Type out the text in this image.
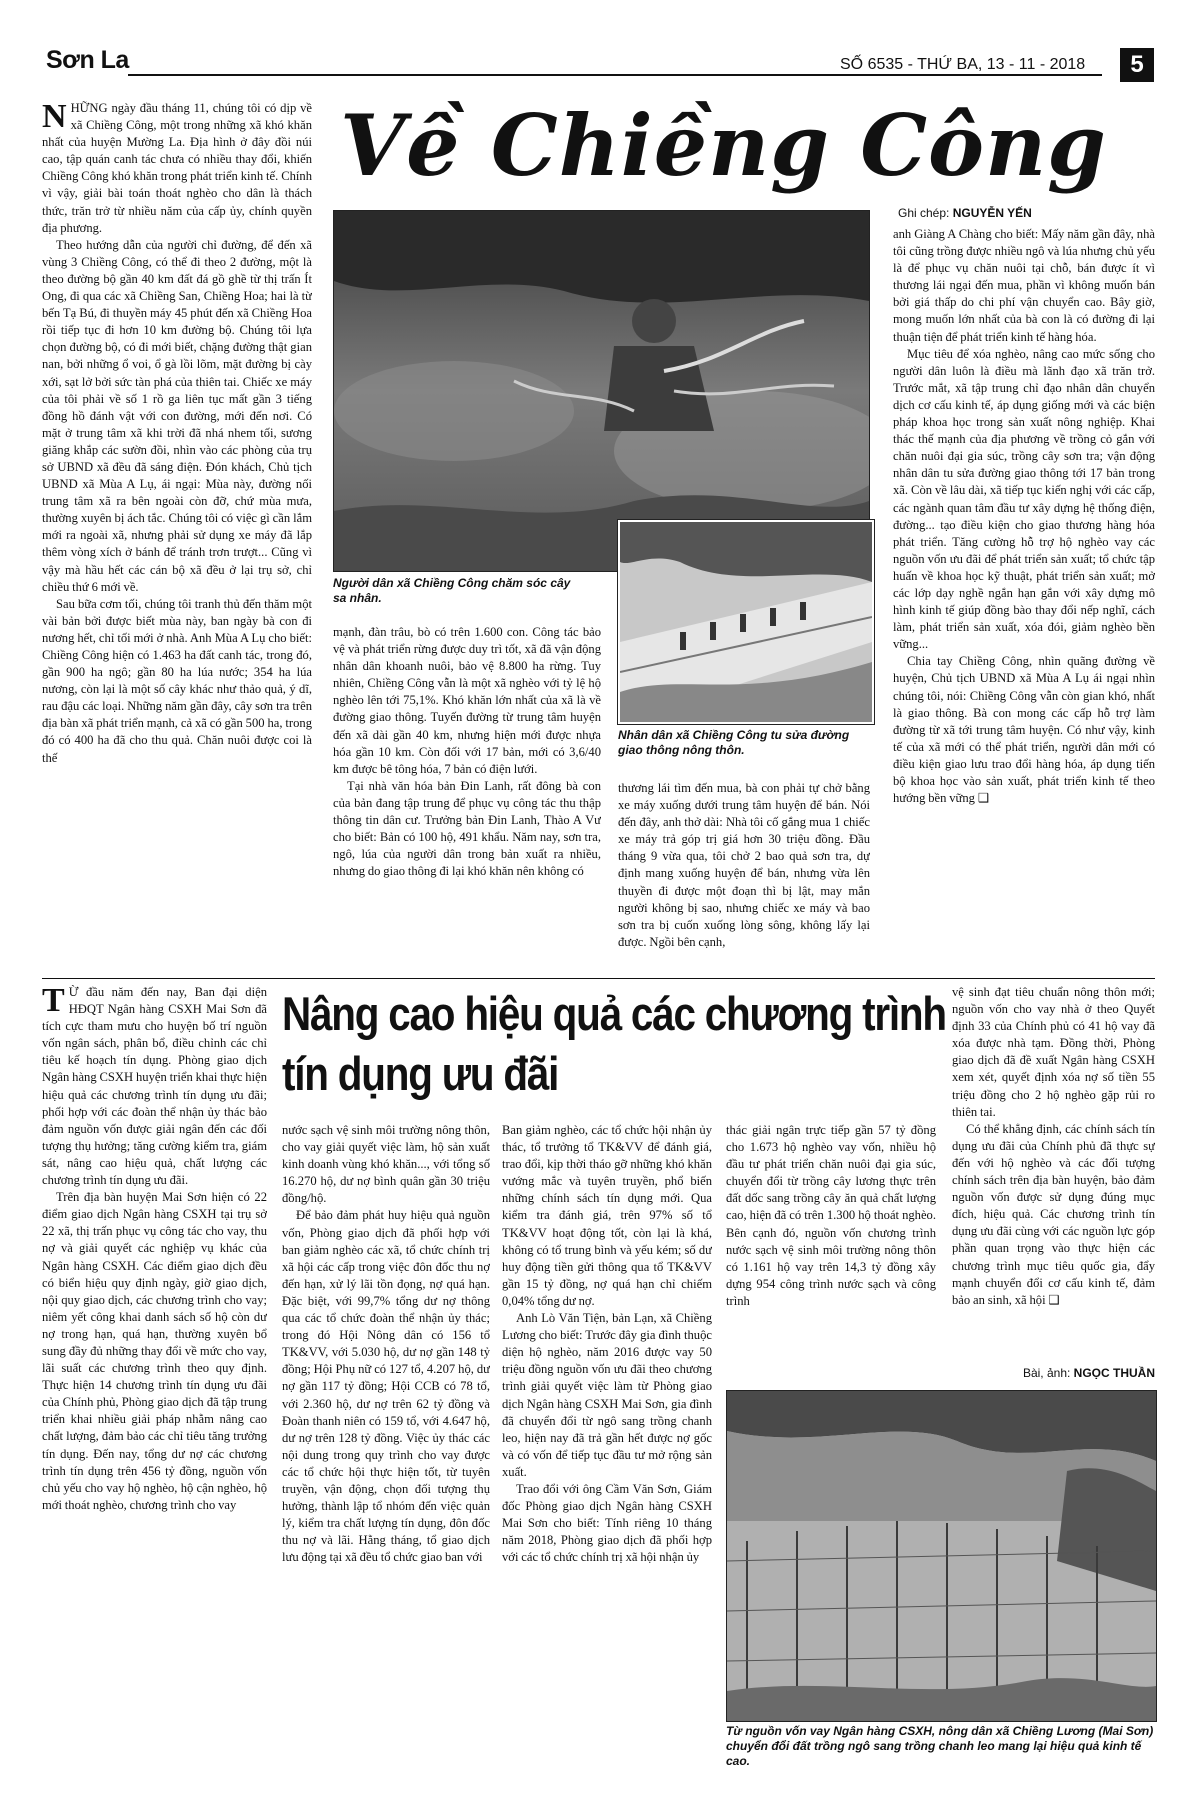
Sơn La	SỐ 6535 - THỨ BA, 13 - 11 - 2018	5
Về Chiềng Công
Ghi chép: NGUYỄN YẾN

NHỮNG ngày đầu tháng 11, chúng tôi có dịp về xã Chiềng Công, một trong những xã khó khăn nhất của huyện Mường La. Địa hình ở đây đồi núi cao, tập quán canh tác chưa có nhiều thay đổi, khiến Chiềng Công khó khăn trong phát triển kinh tế. Chính vì vậy, giải bài toán thoát nghèo cho dân là thách thức, trăn trở từ nhiều năm của cấp ủy, chính quyền địa phương.

Theo hướng dẫn của người chỉ đường, để đến xã vùng 3 Chiềng Công, có thể đi theo 2 đường, một là theo đường bộ gần 40 km đất đá gồ ghề từ thị trấn Ít Ong, đi qua các xã Chiềng San, Chiềng Hoa; hai là từ bến Tạ Bú, đi thuyền máy 45 phút đến xã Chiềng Hoa rồi tiếp tục đi hơn 10 km đường bộ. Chúng tôi lựa chọn đường bộ, có đi mới biết, chặng đường thật gian nan, bởi những ổ voi, ổ gà lồi lõm, mặt đường bị cày xới, sạt lở bởi sức tàn phá của thiên tai. Chiếc xe máy của tôi phải về số 1 rồ ga liên tục mất gần 3 tiếng đồng hồ đánh vật với con đường, mới đến nơi. Có mặt ở trung tâm xã khi trời đã nhá nhem tối, sương giăng khắp các sườn đồi, nhìn vào các phòng của trụ sở UBND xã đều đã sáng điện. Đón khách, Chủ tịch UBND xã Mùa A Lụ, ái ngại: Mùa này, đường nối trung tâm xã ra bên ngoài còn đỡ, chứ mùa mưa, thường xuyên bị ách tắc. Chúng tôi có việc gì cần lắm mới ra ngoài xã, nhưng phải sử dụng xe máy đã lắp thêm vòng xích ở bánh để tránh trơn trượt... Cũng vì vậy mà hầu hết các cán bộ xã đều ở lại trụ sở, chỉ chiều thứ 6 mới về.

Sau bữa cơm tối, chúng tôi tranh thủ đến thăm một vài bản bởi được biết mùa này, ban ngày bà con đi nương hết, chỉ tối mới ở nhà. Anh Mùa A Lụ cho biết: Chiềng Công hiện có 1.463 ha đất canh tác, trong đó, gần 900 ha ngô; gần 80 ha lúa nước; 354 ha lúa nương, còn lại là một số cây khác như thảo quả, ý dĩ, rau đậu các loại. Những năm gần đây, cây sơn tra trên địa bàn xã phát triển mạnh, cả xã có gần 500 ha, trong đó có 400 ha đã cho thu quả. Chăn nuôi được coi là thế

Người dân xã Chiềng Công chăm sóc cây sa nhân.
Nhân dân xã Chiềng Công tu sửa đường giao thông nông thôn.

mạnh, đàn trâu, bò có trên 1.600 con. Công tác bảo vệ và phát triển rừng được duy trì tốt, xã đã vận động nhân dân khoanh nuôi, bảo vệ 8.800 ha rừng. Tuy nhiên, Chiềng Công vẫn là một xã nghèo với tỷ lệ hộ nghèo lên tới 75,1%. Khó khăn lớn nhất của xã là về đường giao thông. Tuyến đường từ trung tâm huyện đến xã dài gần 40 km, nhưng hiện mới được nhựa hóa gần 10 km. Còn đối với 17 bản, mới có 3,6/40 km được bê tông hóa, 7 bản có điện lưới.

Tại nhà văn hóa bản Đin Lanh, rất đông bà con của bản đang tập trung để phục vụ công tác thu thập thông tin dân cư. Trưởng bản Đin Lanh, Thào A Vư cho biết: Bản có 100 hộ, 491 khẩu. Năm nay, sơn tra, ngô, lúa của người dân trong bản xuất ra nhiều, nhưng do giao thông đi lại khó khăn nên không có

thương lái tìm đến mua, bà con phải tự chở bằng xe máy xuống dưới trung tâm huyện để bán. Nói đến đây, anh thở dài: Nhà tôi cố gắng mua 1 chiếc xe máy trả góp trị giá hơn 30 triệu đồng. Đầu tháng 9 vừa qua, tôi chở 2 bao quả sơn tra, dự định mang xuống huyện để bán, nhưng vừa lên thuyền đi được một đoạn thì bị lật, may mắn người không bị sao, nhưng chiếc xe máy và bao sơn tra bị cuốn xuống lòng sông, không lấy lại được. Ngồi bên cạnh,

anh Giàng A Chàng cho biết: Mấy năm gần đây, nhà tôi cũng trồng được nhiều ngô và lúa nhưng chủ yếu là để phục vụ chăn nuôi tại chỗ, bán được ít vì thương lái ngại đến mua, phần vì không muốn bán bởi giá thấp do chi phí vận chuyển cao. Bây giờ, mong muốn lớn nhất của bà con là có đường đi lại thuận tiện để phát triển kinh tế hàng hóa.

Mục tiêu để xóa nghèo, nâng cao mức sống cho người dân luôn là điều mà lãnh đạo xã trăn trở. Trước mắt, xã tập trung chỉ đạo nhân dân chuyển dịch cơ cấu kinh tế, áp dụng giống mới và các biện pháp khoa học trong sản xuất nông nghiệp. Khai thác thế mạnh của địa phương về trồng cỏ gắn với chăn nuôi đại gia súc, trồng cây sơn tra; vận động nhân dân tu sửa đường giao thông tới 17 bản trong xã. Còn về lâu dài, xã tiếp tục kiến nghị với các cấp, các ngành quan tâm đầu tư xây dựng hệ thống điện, đường... tạo điều kiện cho giao thương hàng hóa phát triển. Tăng cường hỗ trợ hộ nghèo vay các nguồn vốn ưu đãi để phát triển sản xuất; tổ chức tập huấn về khoa học kỹ thuật, phát triển sản xuất; mở các lớp dạy nghề ngắn hạn gắn với xây dựng mô hình kinh tế giúp đồng bào thay đổi nếp nghĩ, cách làm, phát triển sản xuất, xóa đói, giảm nghèo bền vững...

Chia tay Chiềng Công, nhìn quãng đường về huyện, Chủ tịch UBND xã Mùa A Lụ ái ngại nhìn chúng tôi, nói: Chiềng Công vẫn còn gian khó, nhất là giao thông. Bà con mong các cấp hỗ trợ làm đường từ xã tới trung tâm huyện. Có như vậy, kinh tế của xã mới có thể phát triển, người dân mới có điều kiện giao lưu trao đổi hàng hóa, áp dụng tiến bộ khoa học vào sản xuất, phát triển kinh tế theo hướng bền vững ❑

Nâng cao hiệu quả các chương trình
tín dụng ưu đãi

T Ừ đầu năm đến nay, Ban đại diện HĐQT Ngân hàng CSXH Mai Sơn đã tích cực tham mưu cho huyện bố trí nguồn vốn ngân sách, phân bổ, điều chỉnh các chỉ tiêu kế hoạch tín dụng. Phòng giao dịch Ngân hàng CSXH huyện triển khai thực hiện hiệu quả các chương trình tín dụng ưu đãi; phối hợp với các đoàn thể nhận ủy thác bảo đảm nguồn vốn được giải ngân đến các đối tượng thụ hưởng; tăng cường kiểm tra, giám sát, nâng cao hiệu quả, chất lượng các chương trình tín dụng ưu đãi.

Trên địa bàn huyện Mai Sơn hiện có 22 điểm giao dịch Ngân hàng CSXH tại trụ sở 22 xã, thị trấn phục vụ công tác cho vay, thu nợ và giải quyết các nghiệp vụ khác của Ngân hàng CSXH. Các điểm giao dịch đều có biển hiệu quy định ngày, giờ giao dịch, nội quy giao dịch, các chương trình cho vay; niêm yết công khai danh sách số hộ còn dư nợ trong hạn, quá hạn, thường xuyên bổ sung đầy đủ những thay đổi về mức cho vay, lãi suất các chương trình theo quy định. Thực hiện 14 chương trình tín dụng ưu đãi của Chính phủ, Phòng giao dịch đã tập trung triển khai nhiều giải pháp nhằm nâng cao chất lượng, đảm bảo các chỉ tiêu tăng trưởng tín dụng. Đến nay, tổng dư nợ các chương trình tín dụng trên 456 tỷ đồng, nguồn vốn chủ yếu cho vay hộ nghèo, hộ cận nghèo, hộ mới thoát nghèo, chương trình cho vay

nước sạch vệ sinh môi trường nông thôn, cho vay giải quyết việc làm, hộ sản xuất kinh doanh vùng khó khăn..., với tổng số 16.270 hộ, dư nợ bình quân gần 30 triệu đồng/hộ.

Để bảo đảm phát huy hiệu quả nguồn vốn, Phòng giao dịch đã phối hợp với ban giảm nghèo các xã, tổ chức chính trị xã hội các cấp trong việc đôn đốc thu nợ đến hạn, xử lý lãi tồn đọng, nợ quá hạn. Đặc biệt, với 99,7% tổng dư nợ thông qua các tổ chức đoàn thể nhận ủy thác; trong đó Hội Nông dân có 156 tổ TK&VV, với 5.030 hộ, dư nợ gần 148 tỷ đồng; Hội Phụ nữ có 127 tổ, 4.207 hộ, dư nợ gần 117 tỷ đồng; Hội CCB có 78 tổ, với 2.360 hộ, dư nợ trên 62 tỷ đồng và Đoàn thanh niên có 159 tổ, với 4.647 hộ, dư nợ trên 128 tỷ đồng. Việc ủy thác các nội dung trong quy trình cho vay được các tổ chức hội thực hiện tốt, từ tuyên truyền, vận động, chọn đối tượng thụ hưởng, thành lập tổ nhóm đến việc quản lý, kiểm tra chất lượng tín dụng, đôn đốc thu nợ và lãi. Hằng tháng, tổ giao dịch lưu động tại xã đều tổ chức giao ban với

Ban giảm nghèo, các tổ chức hội nhận ủy thác, tổ trưởng tổ TK&VV để đánh giá, trao đổi, kịp thời tháo gỡ những khó khăn vướng mắc và tuyên truyền, phổ biến những chính sách tín dụng mới. Qua kiểm tra đánh giá, trên 97% số tổ TK&VV hoạt động tốt, còn lại là khá, không có tổ trung bình và yếu kém; số dư huy động tiền gửi thông qua tổ TK&VV gần 15 tỷ đồng, nợ quá hạn chỉ chiếm 0,04% tổng dư nợ.

Anh Lò Văn Tiện, bản Lạn, xã Chiềng Lương cho biết: Trước đây gia đình thuộc diện hộ nghèo, năm 2016 được vay 50 triệu đồng nguồn vốn ưu đãi theo chương trình giải quyết việc làm từ Phòng giao dịch Ngân hàng CSXH Mai Sơn, gia đình đã chuyển đổi từ ngô sang trồng chanh leo, hiện nay đã trả gần hết được nợ gốc và có vốn để tiếp tục đầu tư mở rộng sản xuất.

Trao đổi với ông Cầm Văn Sơn, Giám đốc Phòng giao dịch Ngân hàng CSXH Mai Sơn cho biết: Tính riêng 10 tháng năm 2018, Phòng giao dịch đã phối hợp với các tổ chức chính trị xã hội nhận ủy

thác giải ngân trực tiếp gần 57 tỷ đồng cho 1.673 hộ nghèo vay vốn, nhiều hộ đầu tư phát triển chăn nuôi đại gia súc, chuyển đổi từ trồng cây lương thực trên đất dốc sang trồng cây ăn quả chất lượng cao, hiện đã có trên 1.300 hộ thoát nghèo. Bên cạnh đó, nguồn vốn chương trình nước sạch vệ sinh môi trường nông thôn có 1.161 hộ vay trên 14,3 tỷ đồng xây dựng 954 công trình nước sạch và công trình

vệ sinh đạt tiêu chuẩn nông thôn mới; nguồn vốn cho vay nhà ở theo Quyết định 33 của Chính phủ có 41 hộ vay đã xóa được nhà tạm. Đồng thời, Phòng giao dịch đã đề xuất Ngân hàng CSXH xem xét, quyết định xóa nợ số tiền 55 triệu đồng cho 2 hộ nghèo gặp rủi ro thiên tai.

Có thể khẳng định, các chính sách tín dụng ưu đãi của Chính phủ đã thực sự đến với hộ nghèo và các đối tượng chính sách trên địa bàn huyện, bảo đảm nguồn vốn được sử dụng đúng mục đích, hiệu quả. Các chương trình tín dụng ưu đãi cùng với các nguồn lực góp phần quan trọng vào thực hiện các chương trình mục tiêu quốc gia, đẩy mạnh chuyển đổi cơ cấu kinh tế, đảm bảo an sinh, xã hội ❑

Bài, ảnh: NGỌC THUẦN
Từ nguồn vốn vay Ngân hàng CSXH, nông dân xã Chiềng Lương (Mai Sơn) chuyển đổi đất trồng ngô sang trồng chanh leo mang lại hiệu quả kinh tế cao.
